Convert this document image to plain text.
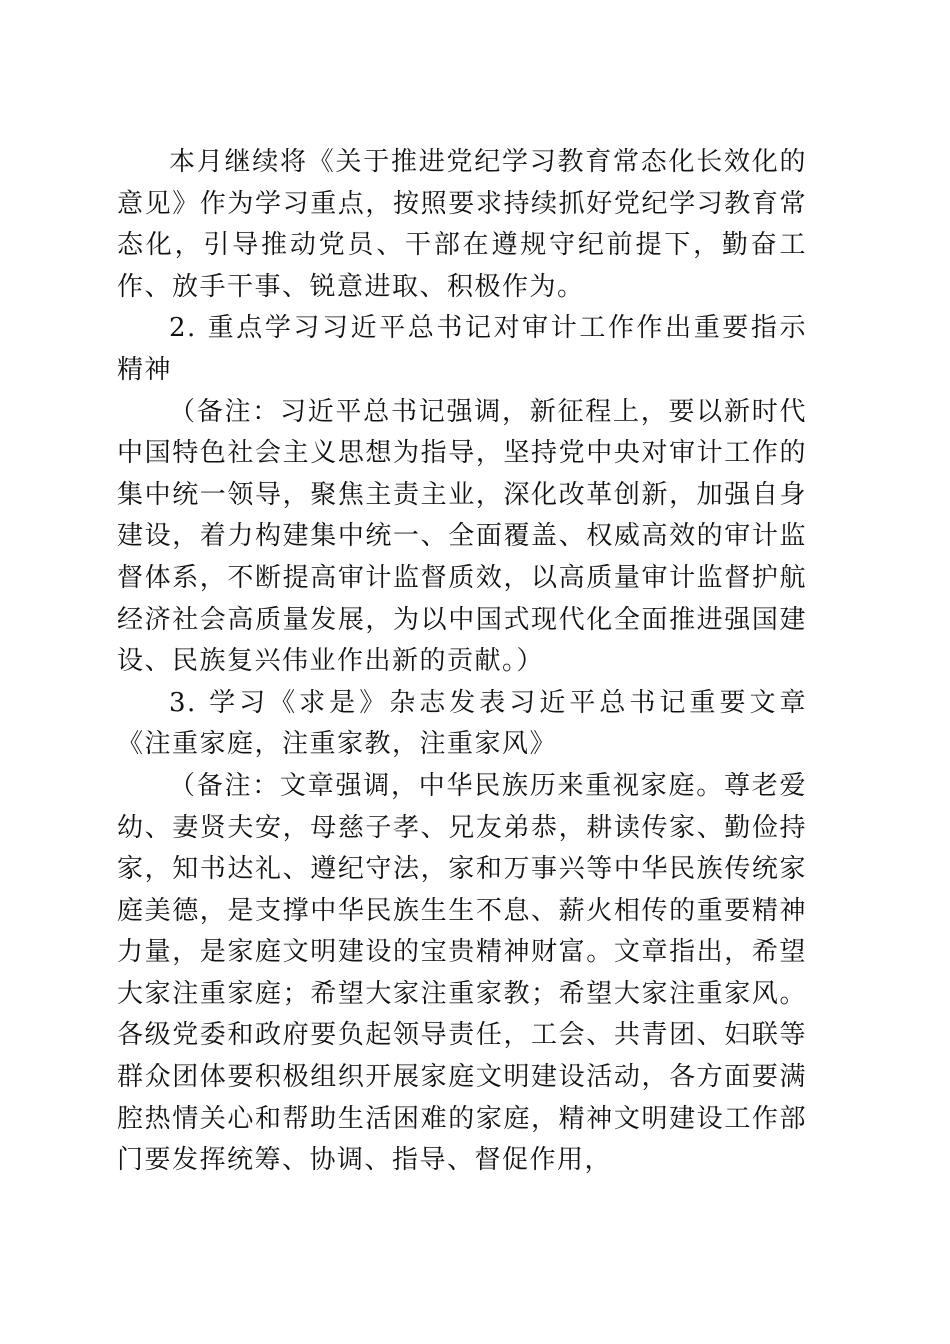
本月继续将《关于推进党纪学习教育常态化长效化的意见》作为学习重点，按照要求持续抓好党纪学习教育常态化，引导推动党员、干部在遵规守纪前提下，勤奋工作、放手干事、锐意进取、积极作为。

2. 重点学习习近平总书记对审计工作作出重要指示精神

（备注：习近平总书记强调，新征程上，要以新时代中国特色社会主义思想为指导，坚持党中央对审计工作的集中统一领导，聚焦主责主业，深化改革创新，加强自身建设，着力构建集中统一、全面覆盖、权威高效的审计监督体系，不断提高审计监督质效，以高质量审计监督护航经济社会高质量发展，为以中国式现代化全面推进强国建设、民族复兴伟业作出新的贡献。）

3. 学习《求是》杂志发表习近平总书记重要文章《注重家庭，注重家教，注重家风》

（备注：文章强调，中华民族历来重视家庭。尊老爱幼、妻贤夫安，母慈子孝、兄友弟恭，耕读传家、勤俭持家，知书达礼、遵纪守法，家和万事兴等中华民族传统家庭美德，是支撑中华民族生生不息、薪火相传的重要精神力量，是家庭文明建设的宝贵精神财富。文章指出，希望大家注重家庭；希望大家注重家教；希望大家注重家风。各级党委和政府要负起领导责任，工会、共青团、妇联等群众团体要积极组织开展家庭文明建设活动，各方面要满腔热情关心和帮助生活困难的家庭，精神文明建设工作部门要发挥统筹、协调、指导、督促作用，
